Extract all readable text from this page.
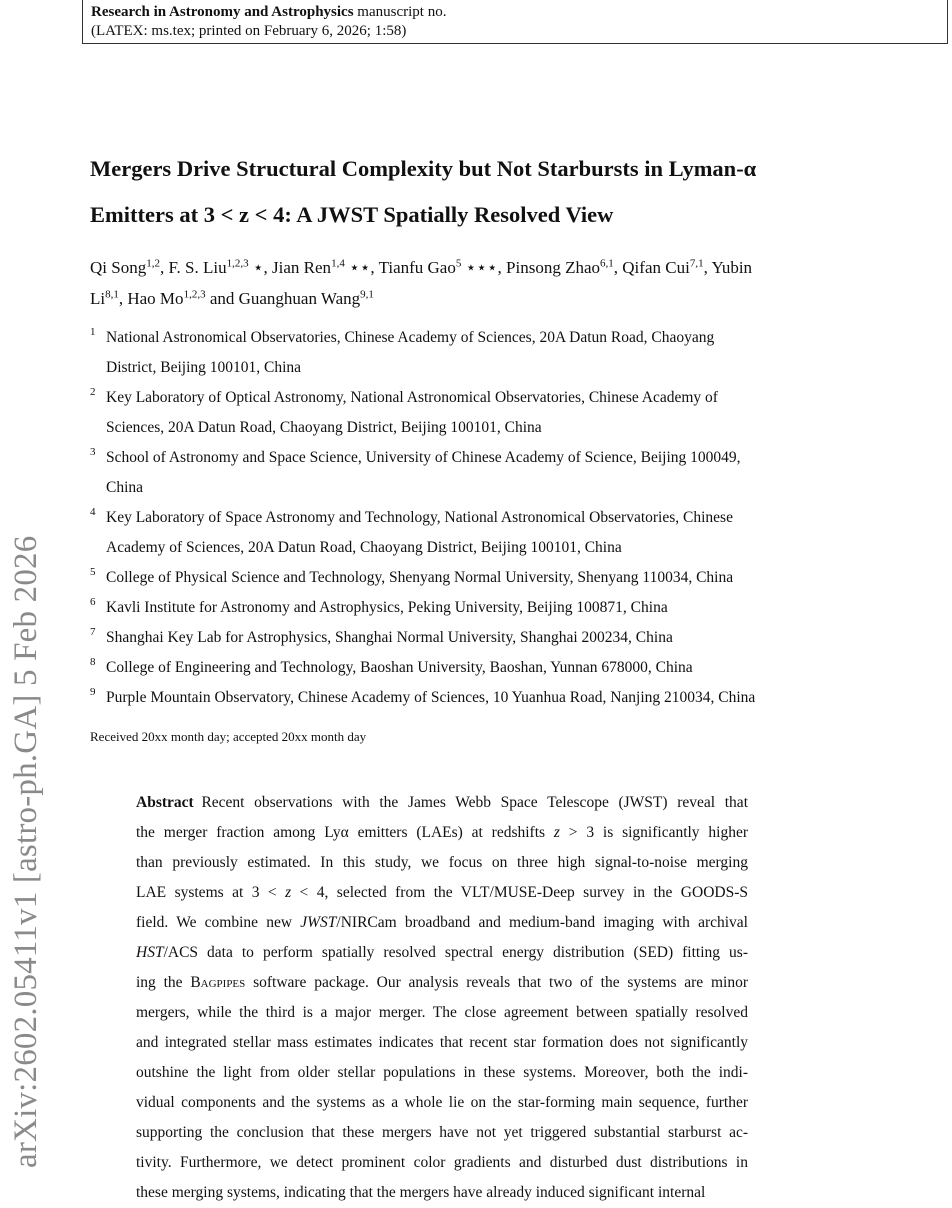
Research in Astronomy and Astrophysics manuscript no.
(LATEX: ms.tex; printed on February 6, 2026; 1:58)
arXiv:2602.05411v1 [astro-ph.GA] 5 Feb 2026
Mergers Drive Structural Complexity but Not Starbursts in Lyman-α
Emitters at 3 < z < 4: A JWST Spatially Resolved View
Qi Song$^{1,2}$, F. S. Liu$^{1,2,3}$ ⋆, Jian Ren$^{1,4}$ ⋆⋆, Tianfu Gao$^5$ ⋆⋆⋆, Pinsong Zhao$^{6,1}$, Qifan Cui$^{7,1}$, Yubin
Li$^{8,1}$, Hao Mo$^{1,2,3}$ and Guanghuan Wang$^{9,1}$
1 National Astronomical Observatories, Chinese Academy of Sciences, 20A Datun Road, Chaoyang
District, Beijing 100101, China
2 Key Laboratory of Optical Astronomy, National Astronomical Observatories, Chinese Academy of
Sciences, 20A Datun Road, Chaoyang District, Beijing 100101, China
3 School of Astronomy and Space Science, University of Chinese Academy of Science, Beijing 100049,
China
4 Key Laboratory of Space Astronomy and Technology, National Astronomical Observatories, Chinese
Academy of Sciences, 20A Datun Road, Chaoyang District, Beijing 100101, China
5 College of Physical Science and Technology, Shenyang Normal University, Shenyang 110034, China
6 Kavli Institute for Astronomy and Astrophysics, Peking University, Beijing 100871, China
7 Shanghai Key Lab for Astrophysics, Shanghai Normal University, Shanghai 200234, China
8 College of Engineering and Technology, Baoshan University, Baoshan, Yunnan 678000, China
9 Purple Mountain Observatory, Chinese Academy of Sciences, 10 Yuanhua Road, Nanjing 210034, China
Received 20xx month day; accepted 20xx month day
Abstract  Recent observations with the James Webb Space Telescope (JWST) reveal that
the merger fraction among Lyα emitters (LAEs) at redshifts z > 3 is significantly higher
than previously estimated. In this study, we focus on three high signal-to-noise merging
LAE systems at 3 < z < 4, selected from the VLT/MUSE-Deep survey in the GOODS-S
field. We combine new JWST/NIRCam broadband and medium-band imaging with archival
HST/ACS data to perform spatially resolved spectral energy distribution (SED) fitting us-
ing the Bagpipes software package. Our analysis reveals that two of the systems are minor
mergers, while the third is a major merger. The close agreement between spatially resolved
and integrated stellar mass estimates indicates that recent star formation does not significantly
outshine the light from older stellar populations in these systems. Moreover, both the indi-
vidual components and the systems as a whole lie on the star-forming main sequence, further
supporting the conclusion that these mergers have not yet triggered substantial starburst ac-
tivity. Furthermore, we detect prominent color gradients and disturbed dust distributions in
these merging systems, indicating that the mergers have already induced significant internal
